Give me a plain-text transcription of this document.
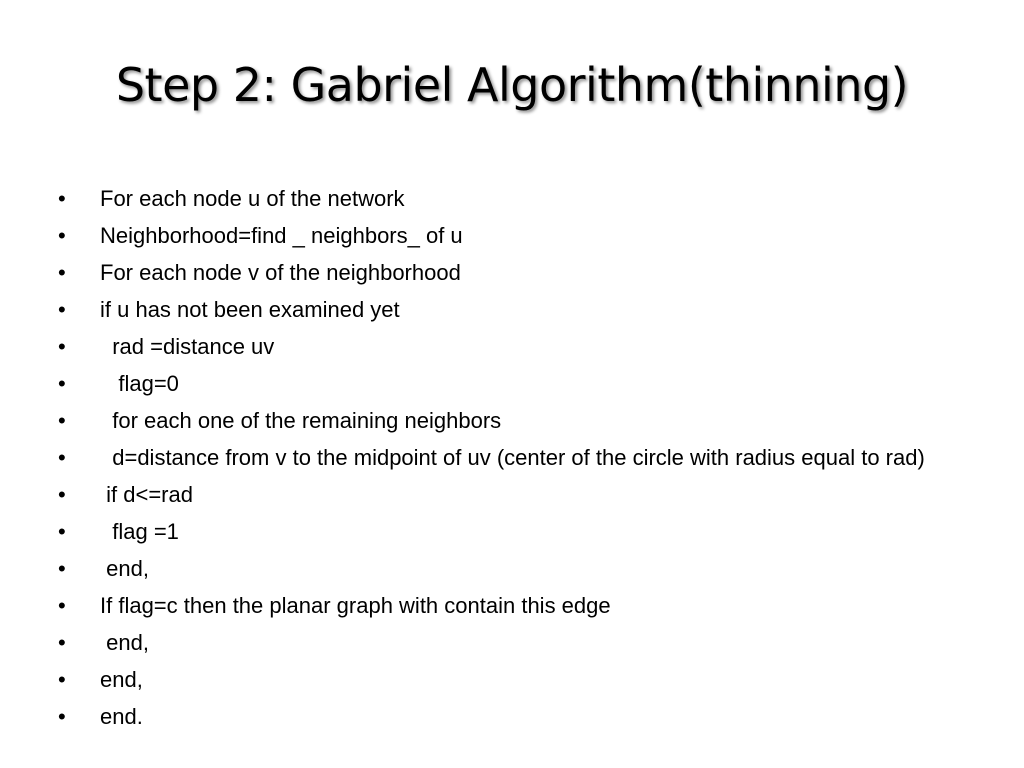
Step 2: Gabriel Algorithm(thinning)
•	For each node u of the network
•	Neighborhood=find _ neighbors_ of u
•	For each node v of the neighborhood
•	if u has not been examined yet
•	rad =distance uv
•	flag=0
•	for each one of the remaining neighbors
•	d=distance from v to the midpoint of uv (center of the circle with radius equal to rad)
•	if d<=rad
•	flag =1
•	end,
•	If flag=c then the planar graph with contain this edge
•	end,
•	end,
•	end.
